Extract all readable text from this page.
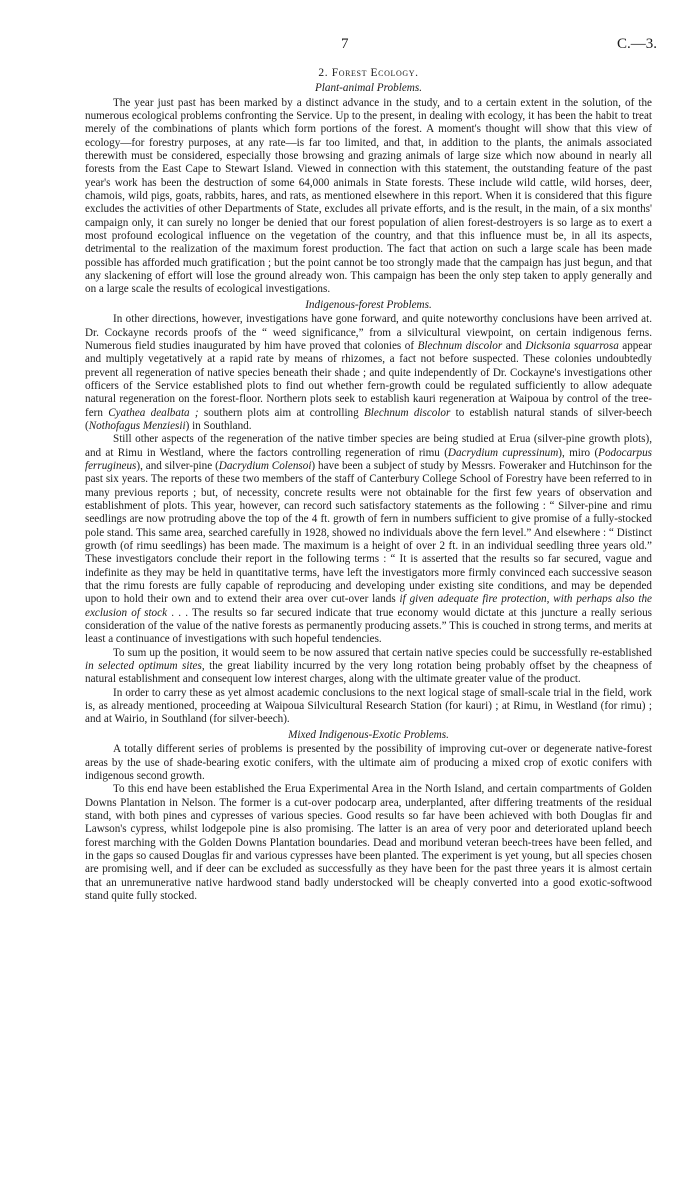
7	C.—3.
2. Forest Ecology.
Plant-animal Problems.

The year just past has been marked by a distinct advance in the study, and to a certain extent in the solution, of the numerous ecological problems confronting the Service. Up to the present, in dealing with ecology, it has been the habit to treat merely of the combinations of plants which form portions of the forest. A moment's thought will show that this view of ecology—for forestry purposes, at any rate—is far too limited, and that, in addition to the plants, the animals associated therewith must be considered, especially those browsing and grazing animals of large size which now abound in nearly all forests from the East Cape to Stewart Island. Viewed in connection with this statement, the outstanding feature of the past year's work has been the destruction of some 64,000 animals in State forests. These include wild cattle, wild horses, deer, chamois, wild pigs, goats, rabbits, hares, and rats, as mentioned elsewhere in this report. When it is considered that this figure excludes the activities of other Departments of State, excludes all private efforts, and is the result, in the main, of a six months' campaign only, it can surely no longer be denied that our forest population of alien forest-destroyers is so large as to exert a most profound ecological influence on the vegetation of the country, and that this influence must be, in all its aspects, detrimental to the realization of the maximum forest production. The fact that action on such a large scale has been made possible has afforded much gratification ; but the point cannot be too strongly made that the campaign has just begun, and that any slackening of effort will lose the ground already won. This campaign has been the only step taken to apply generally and on a large scale the results of ecological investigations.

Indigenous-forest Problems.

In other directions, however, investigations have gone forward, and quite noteworthy conclusions have been arrived at. Dr. Cockayne records proofs of the “ weed significance,” from a silvicultural viewpoint, on certain indigenous ferns. Numerous field studies inaugurated by him have proved that colonies of Blechnum discolor and Dicksonia squarrosa appear and multiply vegetatively at a rapid rate by means of rhizomes, a fact not before suspected. These colonies undoubtedly prevent all regeneration of native species beneath their shade ; and quite independently of Dr. Cockayne's investigations other officers of the Service established plots to find out whether fern-growth could be regulated sufficiently to allow adequate natural regeneration on the forest-floor. Northern plots seek to establish kauri regeneration at Waipoua by control of the tree-fern Cyathea dealbata ; southern plots aim at controlling Blechnum discolor to establish natural stands of silver-beech (Nothofagus Menziesii) in Southland.

Still other aspects of the regeneration of the native timber species are being studied at Erua (silver-pine growth plots), and at Rimu in Westland, where the factors controlling regeneration of rimu (Dacrydium cupressinum), miro (Podocarpus ferrugineus), and silver-pine (Dacrydium Colensoi) have been a subject of study by Messrs. Foweraker and Hutchinson for the past six years. The reports of these two members of the staff of Canterbury College School of Forestry have been referred to in many previous reports ; but, of necessity, concrete results were not obtainable for the first few years of observation and establishment of plots. This year, however, can record such satisfactory statements as the following : “ Silver-pine and rimu seedlings are now protruding above the top of the 4 ft. growth of fern in numbers sufficient to give promise of a fully-stocked pole stand. This same area, searched carefully in 1928, showed no individuals above the fern level.” And elsewhere : “ Distinct growth (of rimu seedlings) has been made. The maximum is a height of over 2 ft. in an individual seedling three years old.” These investigators conclude their report in the following terms : “ It is asserted that the results so far secured, vague and indefinite as they may be held in quantitative terms, have left the investigators more firmly convinced each successive season that the rimu forests are fully capable of reproducing and developing under existing site conditions, and may be depended upon to hold their own and to extend their area over cut-over lands if given adequate fire protection, with perhaps also the exclusion of stock . . . The results so far secured indicate that true economy would dictate at this juncture a really serious consideration of the value of the native forests as permanently producing assets.” This is couched in strong terms, and merits at least a continuance of investigations with such hopeful tendencies.

To sum up the position, it would seem to be now assured that certain native species could be successfully re-established in selected optimum sites, the great liability incurred by the very long rotation being probably offset by the cheapness of natural establishment and consequent low interest charges, along with the ultimate greater value of the product.

In order to carry these as yet almost academic conclusions to the next logical stage of small-scale trial in the field, work is, as already mentioned, proceeding at Waipoua Silvicultural Research Station (for kauri) ; at Rimu, in Westland (for rimu) ; and at Wairio, in Southland (for silver-beech).

Mixed Indigenous-Exotic Problems.

A totally different series of problems is presented by the possibility of improving cut-over or degenerate native-forest areas by the use of shade-bearing exotic conifers, with the ultimate aim of producing a mixed crop of exotic conifers with indigenous second growth.

To this end have been established the Erua Experimental Area in the North Island, and certain compartments of Golden Downs Plantation in Nelson. The former is a cut-over podocarp area, underplanted, after differing treatments of the residual stand, with both pines and cypresses of various species. Good results so far have been achieved with both Douglas fir and Lawson's cypress, whilst lodgepole pine is also promising. The latter is an area of very poor and deteriorated upland beech forest marching with the Golden Downs Plantation boundaries. Dead and moribund veteran beech-trees have been felled, and in the gaps so caused Douglas fir and various cypresses have been planted. The experiment is yet young, but all species chosen are promising well, and if deer can be excluded as successfully as they have been for the past three years it is almost certain that an unremunerative native hardwood stand badly understocked will be cheaply converted into a good exotic-softwood stand quite fully stocked.
